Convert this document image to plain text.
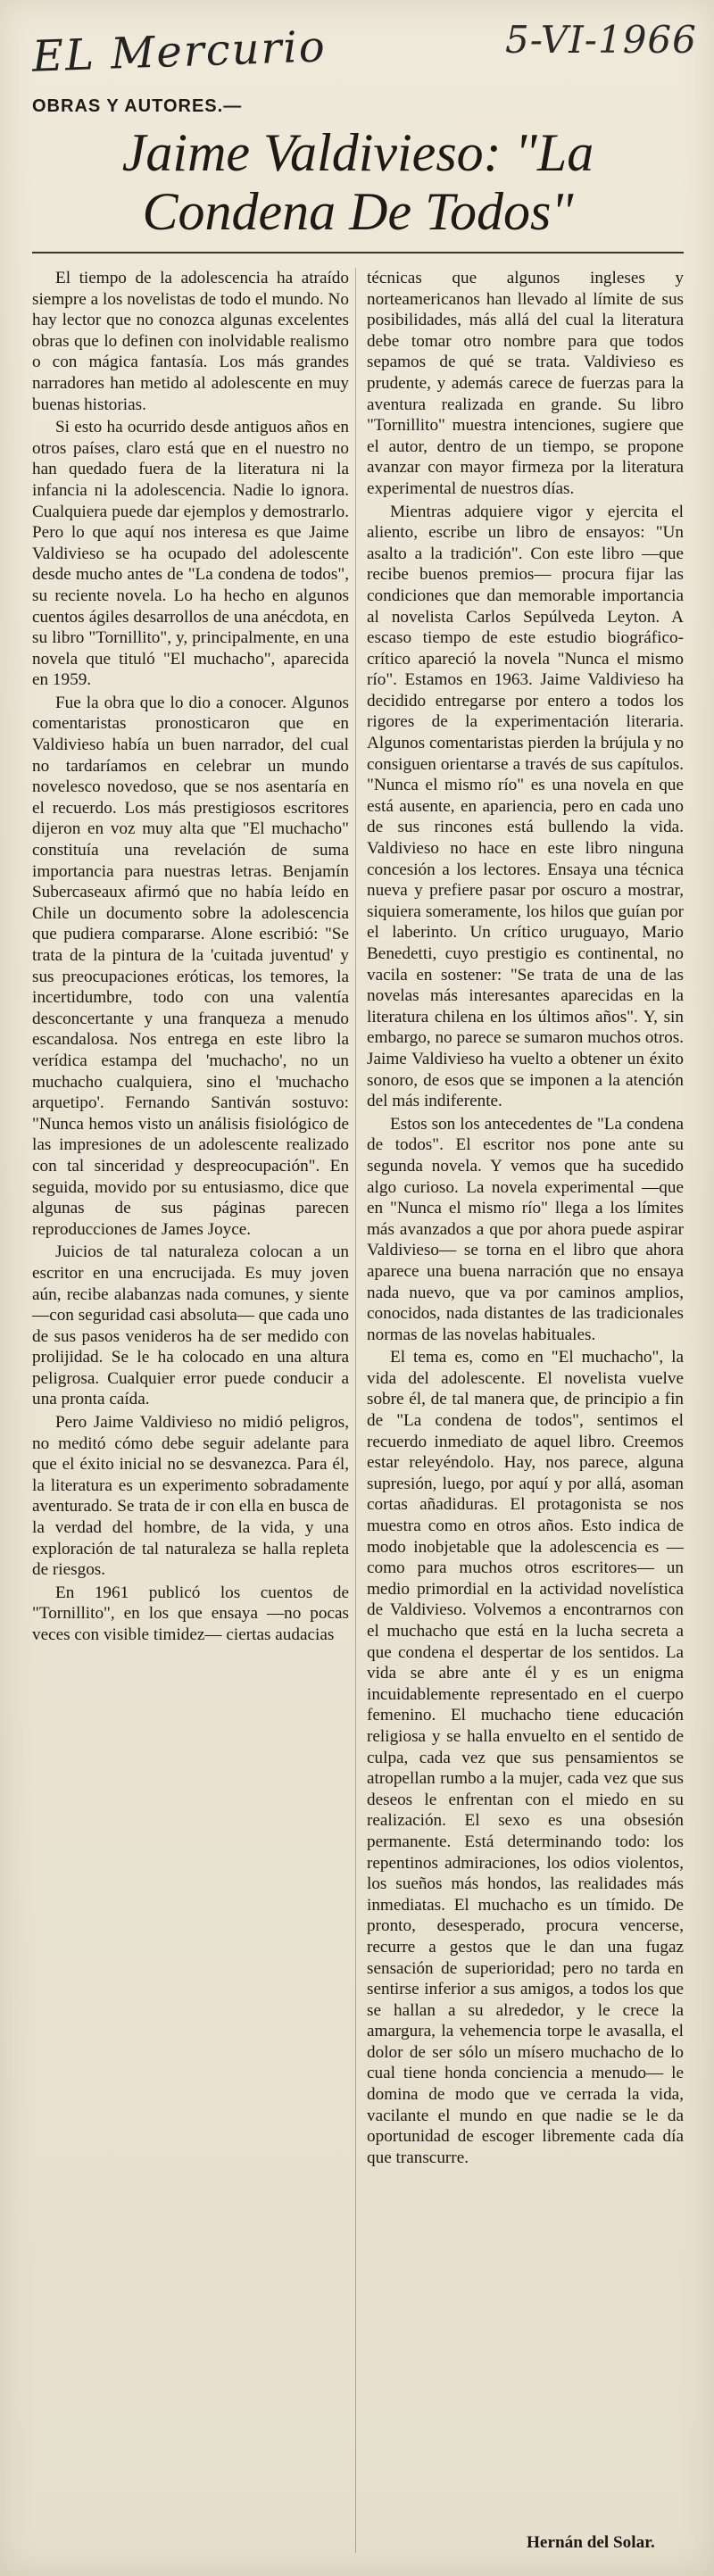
EL Mercurio	5-VI-1966
OBRAS Y AUTORES.—
Jaime Valdivieso: "La Condena De Todos"

El tiempo de la adolescencia ha atraído siempre a los novelistas de todo el mundo. No hay lector que no conozca algunas excelentes obras que lo definen con inolvidable realismo o con mágica fantasía. Los más grandes narradores han metido al adolescente en muy buenas historias.

Si esto ha ocurrido desde antiguos años en otros países, claro está que en el nuestro no han quedado fuera de la literatura ni la infancia ni la adolescencia. Nadie lo ignora. Cualquiera puede dar ejemplos y demostrarlo. Pero lo que aquí nos interesa es que Jaime Valdivieso se ha ocupado del adolescente desde mucho antes de "La condena de todos", su reciente novela. Lo ha hecho en algunos cuentos ágiles desarrollos de una anécdota, en su libro "Tornillito", y, principalmente, en una novela que tituló "El muchacho", aparecida en 1959.

Fue la obra que lo dio a conocer. Algunos comentaristas pronosticaron que en Valdivieso había un buen narrador, del cual no tardaríamos en celebrar un mundo novelesco novedoso, que se nos asentaría en el recuerdo. Los más prestigiosos escritores dijeron en voz muy alta que "El muchacho" constituía una revelación de suma importancia para nuestras letras. Benjamín Subercaseaux afirmó que no había leído en Chile un documento sobre la adolescencia que pudiera compararse. Alone escribió: "Se trata de la pintura de la 'cuitada juventud' y sus preocupaciones eróticas, los temores, la incertidumbre, todo con una valentía desconcertante y una franqueza a menudo escandalosa. Nos entrega en este libro la verídica estampa del 'muchacho', no un muchacho cualquiera, sino el 'muchacho arquetipo'. Fernando Santiván sostuvo: "Nunca hemos visto un análisis fisiológico de las impresiones de un adolescente realizado con tal sinceridad y despreocupación". En seguida, movido por su entusiasmo, dice que algunas de sus páginas parecen reproducciones de James Joyce.

Juicios de tal naturaleza colocan a un escritor en una encrucijada. Es muy joven aún, recibe alabanzas nada comunes, y siente —con seguridad casi absoluta— que cada uno de sus pasos venideros ha de ser medido con prolijidad. Se le ha colocado en una altura peligrosa. Cualquier error puede conducir a una pronta caída.

Pero Jaime Valdivieso no midió peligros, no meditó cómo debe seguir adelante para que el éxito inicial no se desvanezca. Para él, la literatura es un experimento sobradamente aventurado. Se trata de ir con ella en busca de la verdad del hombre, de la vida, y una exploración de tal naturaleza se halla repleta de riesgos.

En 1961 publicó los cuentos de "Tornillito", en los que ensaya —no pocas veces con visible timidez— ciertas audacias

técnicas que algunos ingleses y norteamericanos han llevado al límite de sus posibilidades, más allá del cual la literatura debe tomar otro nombre para que todos sepamos de qué se trata. Valdivieso es prudente, y además carece de fuerzas para la aventura realizada en grande. Su libro "Tornillito" muestra intenciones, sugiere que el autor, dentro de un tiempo, se propone avanzar con mayor firmeza por la literatura experimental de nuestros días.

Mientras adquiere vigor y ejercita el aliento, escribe un libro de ensayos: "Un asalto a la tradición". Con este libro —que recibe buenos premios— procura fijar las condiciones que dan memorable importancia al novelista Carlos Sepúlveda Leyton. A escaso tiempo de este estudio biográfico-crítico apareció la novela "Nunca el mismo río". Estamos en 1963. Jaime Valdivieso ha decidido entregarse por entero a todos los rigores de la experimentación literaria. Algunos comentaristas pierden la brújula y no consiguen orientarse a través de sus capítulos. "Nunca el mismo río" es una novela en que está ausente, en apariencia, pero en cada uno de sus rincones está bullendo la vida. Valdivieso no hace en este libro ninguna concesión a los lectores. Ensaya una técnica nueva y prefiere pasar por oscuro a mostrar, siquiera someramente, los hilos que guían por el laberinto. Un crítico uruguayo, Mario Benedetti, cuyo prestigio es continental, no vacila en sostener: "Se trata de una de las novelas más interesantes aparecidas en la literatura chilena en los últimos años". Y, sin embargo, no parece se sumaron muchos otros. Jaime Valdivieso ha vuelto a obtener un éxito sonoro, de esos que se imponen a la atención del más indiferente.

Estos son los antecedentes de "La condena de todos". El escritor nos pone ante su segunda novela. Y vemos que ha sucedido algo curioso. La novela experimental —que en "Nunca el mismo río" llega a los límites más avanzados a que por ahora puede aspirar Valdivieso— se torna en el libro que ahora aparece una buena narración que no ensaya nada nuevo, que va por caminos amplios, conocidos, nada distantes de las tradicionales normas de las novelas habituales.

El tema es, como en "El muchacho", la vida del adolescente. El novelista vuelve sobre él, de tal manera que, de principio a fin de "La condena de todos", sentimos el recuerdo inmediato de aquel libro. Creemos estar releyéndolo. Hay, nos parece, alguna supresión, luego, por aquí y por allá, asoman cortas añadiduras. El protagonista se nos muestra como en otros años. Esto indica de modo inobjetable que la adolescencia es —como para muchos otros escritores— un medio primordial en la actividad novelística de Valdivieso. Volvemos a encontrarnos con el muchacho que está en la lucha secreta a que condena el despertar de los sentidos. La vida se abre ante él y es un enigma incuidablemente representado en el cuerpo femenino. El muchacho tiene educación religiosa y se halla envuelto en el sentido de culpa, cada vez que sus pensamientos se atropellan rumbo a la mujer, cada vez que sus deseos le enfrentan con el miedo en su realización. El sexo es una obsesión permanente. Está determinando todo: los repentinos admiraciones, los odios violentos, los sueños más hondos, las realidades más inmediatas. El muchacho es un tímido. De pronto, desesperado, procura vencerse, recurre a gestos que le dan una fugaz sensación de superioridad; pero no tarda en sentirse inferior a sus amigos, a todos los que se hallan a su alrededor, y le crece la amargura, la vehemencia torpe le avasalla, el dolor de ser sólo un mísero muchacho de lo cual tiene honda conciencia a menudo— le domina de modo que ve cerrada la vida, vacilante el mundo en que nadie se le da oportunidad de escoger libremente cada día que transcurre.

Hernán del Solar.
